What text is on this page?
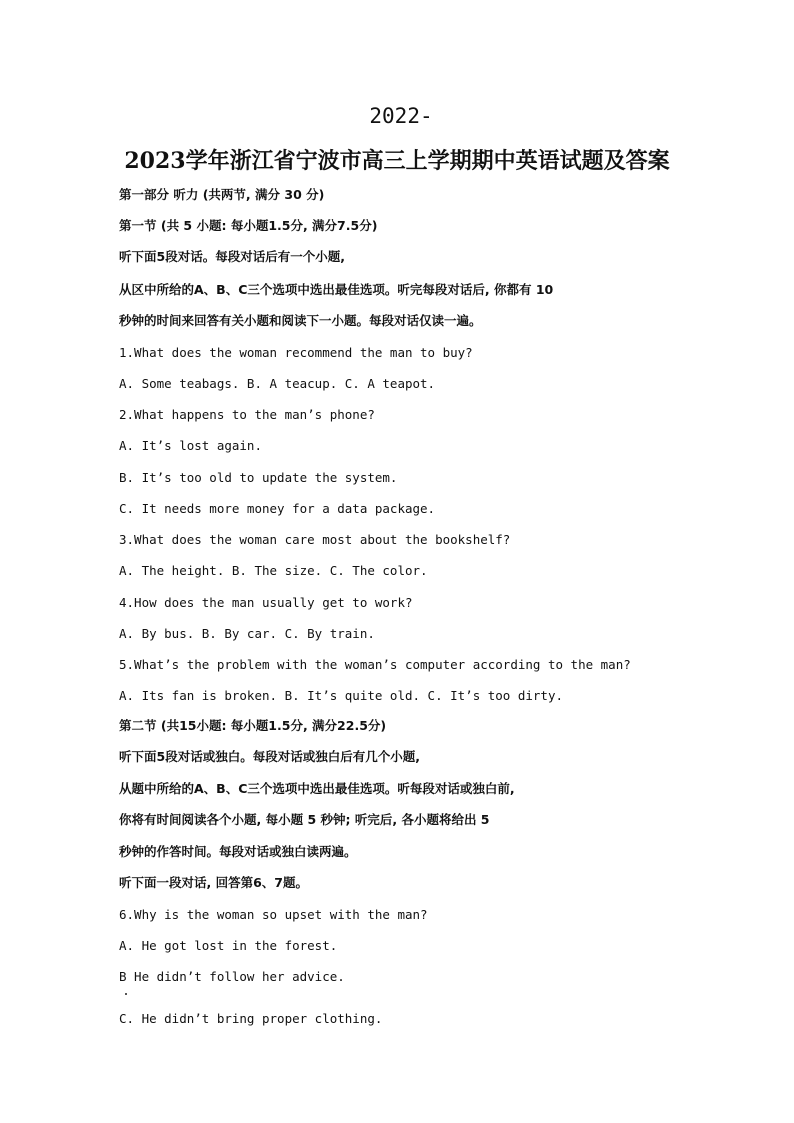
2022-
2023学年浙江省宁波市高三上学期期中英语试题及答案
第一部分 听力 (共两节, 满分 30 分)
第一节 (共 5 小题: 每小题1.5分, 满分7.5分)
听下面5段对话。每段对话后有一个小题,
从区中所给的A、B、C三个选项中选出最佳选项。听完每段对话后, 你都有 10
秒钟的时间来回答有关小题和阅读下一小题。每段对话仅读一遍。
1.What does the woman recommend the man to buy?
A. Some teabags. B. A teacup. C. A teapot.
2.What happens to the man’s phone?
A. It’s lost again.
B. It’s too old to update the system.
C. It needs more money for a data package.
3.What does the woman care most about the bookshelf?
A. The height. B. The size. C. The color.
4.How does the man usually get to work?
A. By bus. B. By car. C. By train.
5.What’s the problem with the woman’s computer according to the man?
A. Its fan is broken. B. It’s quite old. C. It’s too dirty.
第二节 (共15小题: 每小题1.5分, 满分22.5分)
听下面5段对话或独白。每段对话或独白后有几个小题,
从题中所给的A、B、C三个选项中选出最佳选项。听每段对话或独白前,
你将有时间阅读各个小题, 每小题 5 秒钟; 听完后, 各小题将给出 5
秒钟的作答时间。每段对话或独白读两遍。
听下面一段对话, 回答第6、7题。
6.Why is the woman so upset with the man?
A. He got lost in the forest.
B He didn’t follow her advice.
C. He didn’t bring proper clothing.
